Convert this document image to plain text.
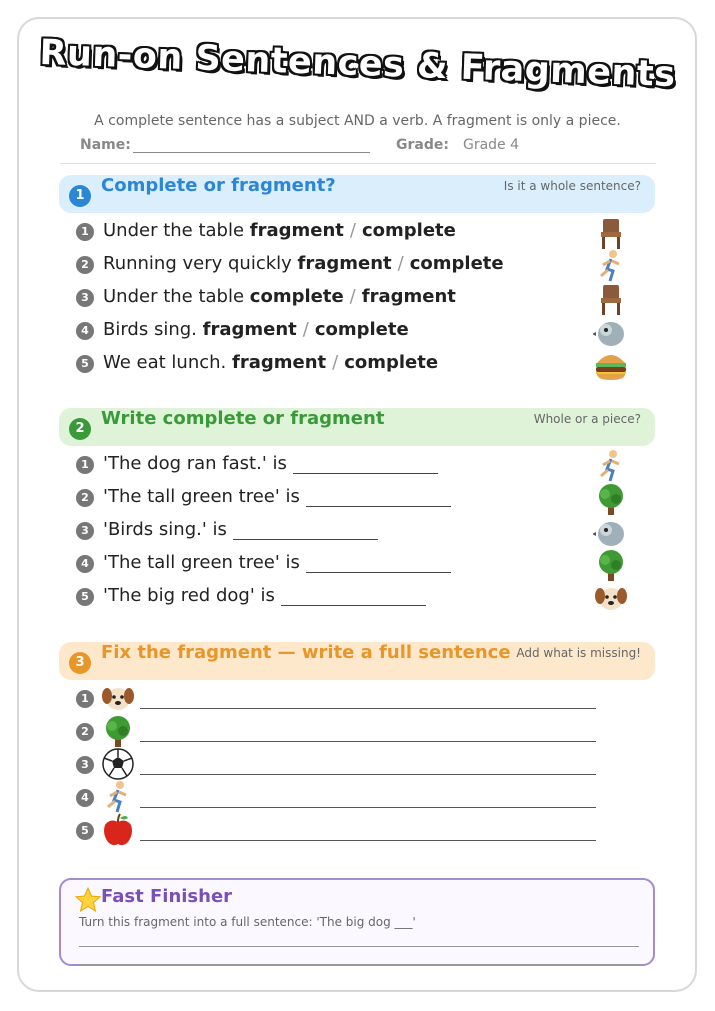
Run-on Sentences & Fragments
A complete sentence has a subject AND a verb. A fragment is only a piece.
Name:	Grade: Grade 4
1 Complete or fragment?	Is it a whole sentence?
1 Under the table fragment / complete
2 Running very quickly fragment / complete
3 Under the table complete / fragment
4 Birds sing. fragment / complete
5 We eat lunch. fragment / complete
2 Write complete or fragment	Whole or a piece?
1 'The dog ran fast.' is
2 'The tall green tree' is
3 'Birds sing.' is
4 'The tall green tree' is
5 'The big red dog' is
3 Fix the fragment — write a full sentence Add what is missing!
1
2
3
4
5
Fast Finisher
Turn this fragment into a full sentence: 'The big dog ___'
